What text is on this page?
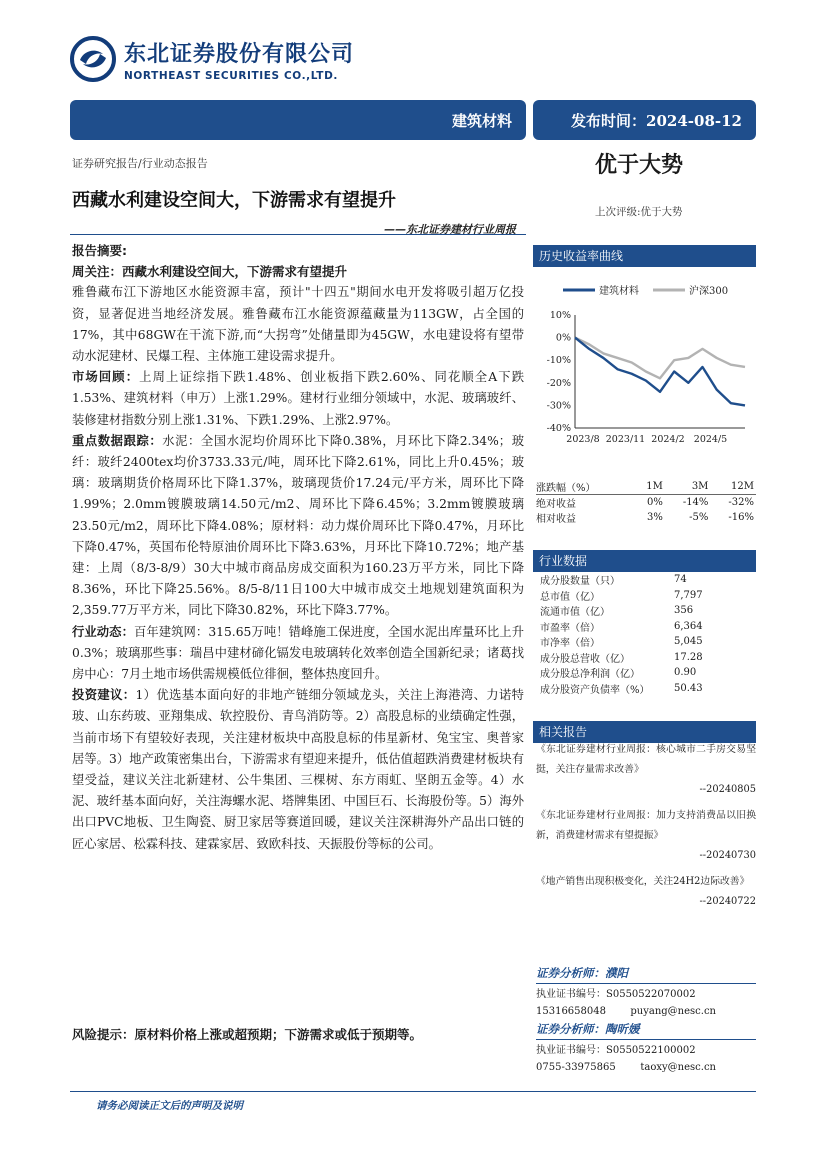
东北证券股份有限公司
NORTHEAST SECURITIES CO.,LTD.
建筑材料	发布时间：2024-08-12
证券研究报告/行业动态报告	优于大势
上次评级:优于大势
西藏水利建设空间大，下游需求有望提升
——东北证券建材行业周报

报告摘要:

周关注：西藏水利建设空间大，下游需求有望提升

雅鲁藏布江下游地区水能资源丰富，预计"十四五"期间水电开发将吸引超万亿投资，显著促进当地经济发展。雅鲁藏布江水能资源蕴藏量为113GW，占全国的17%，其中68GW在干流下游,而“大拐弯”处储量即为45GW，水电建设将有望带动水泥建材、民爆工程、主体施工建设需求提升。

市场回顾：上周上证综指下跌1.48%、创业板指下跌2.60%、同花顺全A下跌1.53%、建筑材料（申万）上涨1.29%。建材行业细分领域中，水泥、玻璃玻纤、装修建材指数分别上涨1.31%、下跌1.29%、上涨2.97%。

重点数据跟踪：水泥：全国水泥均价周环比下降0.38%，月环比下降2.34%；玻纤：玻纤2400tex均价3733.33元/吨，周环比下降2.61%，同比上升0.45%；玻璃：玻璃期货价格周环比下降1.37%，玻璃现货价17.24元/平方米，周环比下降1.99%；2.0mm镀膜玻璃14.50元/m2、周环比下降6.45%；3.2mm镀膜玻璃23.50元/m2，周环比下降4.08%；原材料：动力煤价周环比下降0.47%，月环比下降0.47%，英国布伦特原油价周环比下降3.63%，月环比下降10.72%；地产基建：上周（8/3-8/9）30大中城市商品房成交面积为160.23万平方米，同比下降8.36%，环比下降25.56%。8/5-8/11日100大中城市成交土地规划建筑面积为2,359.77万平方米，同比下降30.82%，环比下降3.77%。

行业动态：百年建筑网：315.65万吨！错峰施工保进度，全国水泥出库量环比上升0.3%；玻璃那些事：瑞昌中建材碲化镉发电玻璃转化效率创造全国新纪录；诸葛找房中心：7月土地市场供需规模低位徘徊，整体热度回升。

投资建议：1）优选基本面向好的非地产链细分领域龙头，关注上海港湾、力诺特玻、山东药玻、亚翔集成、软控股份、青鸟消防等。2）高股息标的业绩确定性强，当前市场下有望较好表现，关注建材板块中高股息标的伟星新材、兔宝宝、奥普家居等。3）地产政策密集出台，下游需求有望迎来提升，低估值超跌消费建材板块有望受益，建议关注北新建材、公牛集团、三棵树、东方雨虹、坚朗五金等。4）水泥、玻纤基本面向好，关注海螺水泥、塔牌集团、中国巨石、长海股份等。5）海外出口PVC地板、卫生陶瓷、厨卫家居等赛道回暖，建议关注深耕海外产品出口链的匠心家居、松霖科技、建霖家居、致欧科技、天振股份等标的公司。

风险提示：原材料价格上涨或超预期；下游需求或低于预期等。
历史收益率曲线
10%
0%
-10%
-20%
-30%
-40%
2023/8 2023/11 2024/2 2024/5
建筑材料	沪深300
涨跌幅（%）	1M	3M	12M
绝对收益	0%	-14%	-32%
相对收益	3%	-5%	-16%
行业数据
成分股数量（只）	74
总市值（亿）	7,797
流通市值（亿）	356
市盈率（倍）	6,364
市净率（倍）	5,045
成分股总营收（亿）	17.28
成分股总净利润（亿）	0.90
成分股资产负债率（%）	50.43
相关报告
《东北证券建材行业周报：核心城市二手房交易坚挺，关注存量需求改善》
--20240805
《东北证券建材行业周报：加力支持消费品以旧换新，消费建材需求有望提振》
--20240730
《地产销售出现积极变化，关注24H2边际改善》
--20240722
证券分析师：濮阳
执业证书编号：S0550522070002
15316658048 puyang@nesc.cn
证券分析师：陶昕媛
执业证书编号：S0550522100002
0755-33975865 taoxy@nesc.cn
请务必阅读正文后的声明及说明
